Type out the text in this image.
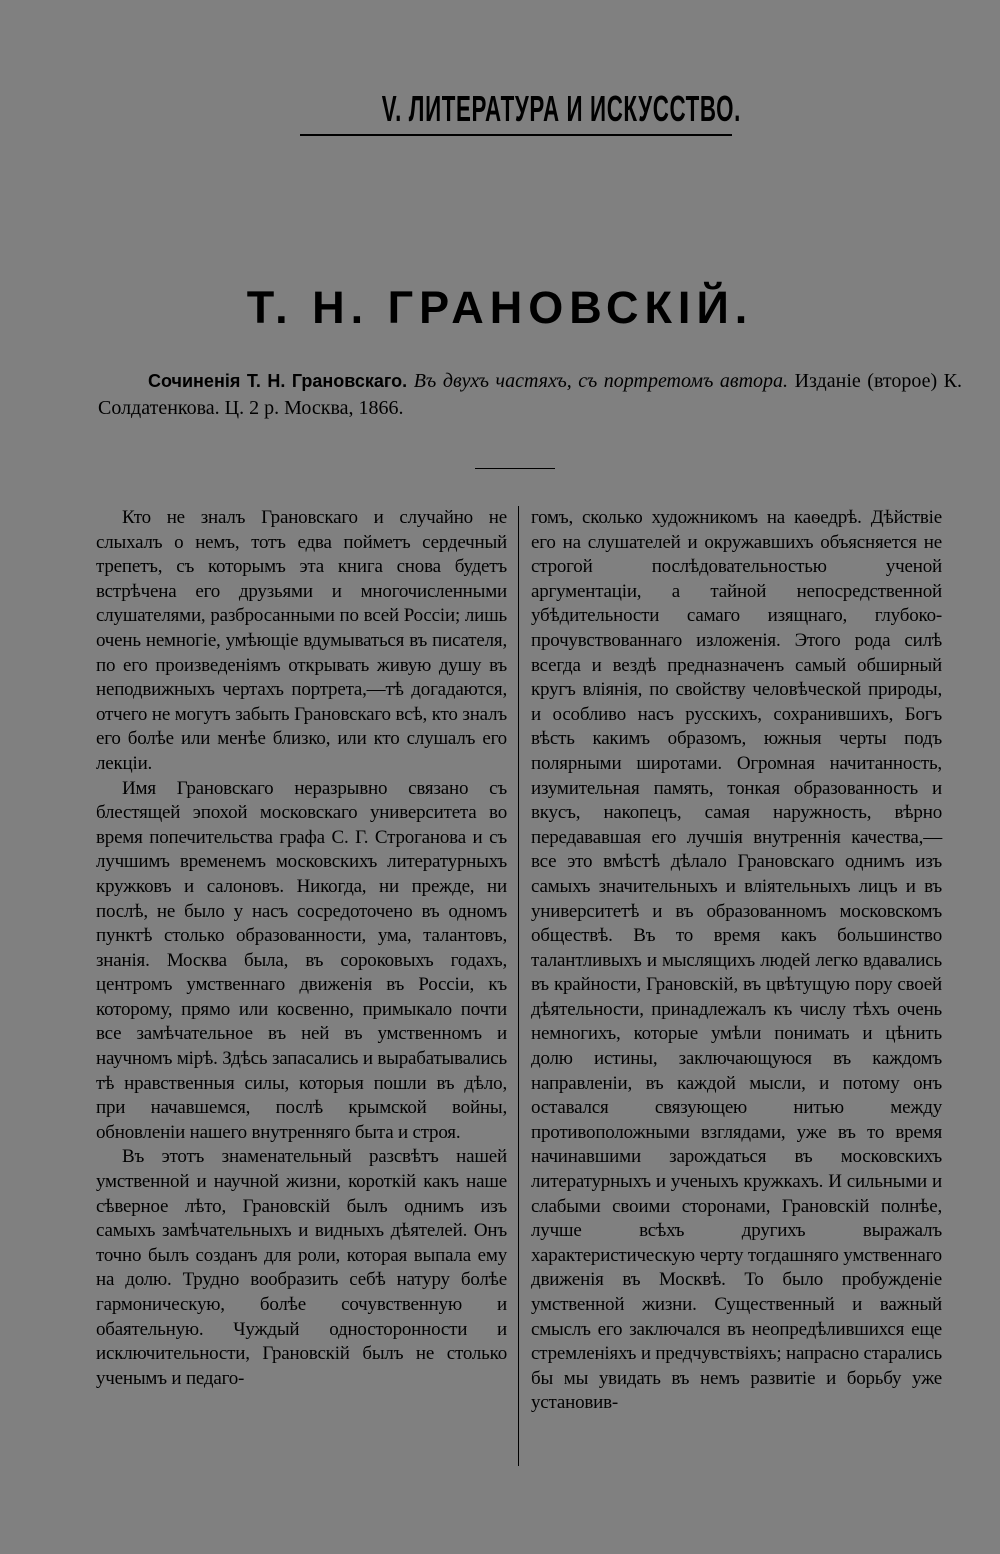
V. ЛИТЕРАТУРА И ИСКУССТВО.
Т. Н. ГРАНОВСКІЙ.

Сочиненія Т. Н. Грановскаго. Въ двухъ частяхъ, съ портретомъ автора. Изданіе (второе) К. Солдатенкова. Ц. 2 р. Москва, 1866.

Кто не зналъ Грановскаго и случайно не слыхалъ о немъ, тотъ едва пойметъ сердечный трепетъ, съ которымъ эта книга снова будетъ встрѣчена его друзьями и многочисленными слушателями, разбросанными по всей Россіи; лишь очень немногіе, умѣющіе вдумываться въ писателя, по его произведеніямъ открывать живую душу въ неподвижныхъ чертахъ портрета,—тѣ догадаются, отчего не могутъ забыть Грановскаго всѣ, кто зналъ его болѣе или менѣе близко, или кто слушалъ его лекціи.

Имя Грановскаго неразрывно связано съ блестящей эпохой московскаго университета во время попечительства графа С. Г. Строганова и съ лучшимъ временемъ московскихъ литературныхъ кружковъ и салоновъ. Никогда, ни прежде, ни послѣ, не было у насъ сосредоточено въ одномъ пунктѣ столько образованности, ума, талантовъ, знанія. Москва была, въ сороковыхъ годахъ, центромъ умственнаго движенія въ Россіи, къ которому, прямо или косвенно, примыкало почти все замѣчательное въ ней въ умственномъ и научномъ мірѣ. Здѣсь запасались и вырабатывались тѣ нравственныя силы, которыя пошли въ дѣло, при начавшемся, послѣ крымской войны, обновленіи нашего внутренняго быта и строя.

Въ этотъ знаменательный разсвѣтъ нашей умственной и научной жизни, короткій какъ наше сѣверное лѣто, Грановскій былъ однимъ изъ самыхъ замѣчательныхъ и видныхъ дѣятелей. Онъ точно былъ созданъ для роли, которая выпала ему на долю. Трудно вообразить себѣ натуру болѣе гармоническую, болѣе сочувственную и обаятельную. Чуждый односторонности и исключительности, Грановскій былъ не столько ученымъ и педаго-

гомъ, сколько художникомъ на каѳедрѣ. Дѣйствіе его на слушателей и окружавшихъ объясняется не строгой послѣдовательностью ученой аргументаціи, а тайной непосредственной убѣдительности самаго изящнаго, глубоко-прочувствованнаго изложенія. Этого рода силѣ всегда и вездѣ предназначенъ самый обширный кругъ вліянія, по свойству человѣческой природы, и особливо насъ русскихъ, сохранившихъ, Богъ вѣсть какимъ образомъ, южныя черты подъ полярными широтами. Огромная начитанность, изумительная память, тонкая образованность и вкусъ, накопецъ, самая наружность, вѣрно передававшая его лучшія внутреннія качества,—все это вмѣстѣ дѣлало Грановскаго однимъ изъ самыхъ значительныхъ и вліятельныхъ лицъ и въ университетѣ и въ образованномъ московскомъ обществѣ. Въ то время какъ большинство талантливыхъ и мыслящихъ людей легко вдавались въ крайности, Грановскій, въ цвѣтущую пору своей дѣятельности, принадлежалъ къ числу тѣхъ очень немногихъ, которые умѣли понимать и цѣнить долю истины, заключающуюся въ каждомъ направленіи, въ каждой мысли, и потому онъ оставался связующею нитью между противоположными взглядами, уже въ то время начинавшими зарождаться въ московскихъ литературныхъ и ученыхъ кружкахъ. И сильными и слабыми своими сторонами, Грановскій полнѣе, лучше всѣхъ другихъ выражалъ характеристическую черту тогдашняго умственнаго движенія въ Москвѣ. То было пробужденіе умственной жизни. Существенный и важный смыслъ его заключался въ неопредѣлившихся еще стремленіяхъ и предчувствіяхъ; напрасно старались бы мы увидать въ немъ развитіе и борьбу уже установив-
